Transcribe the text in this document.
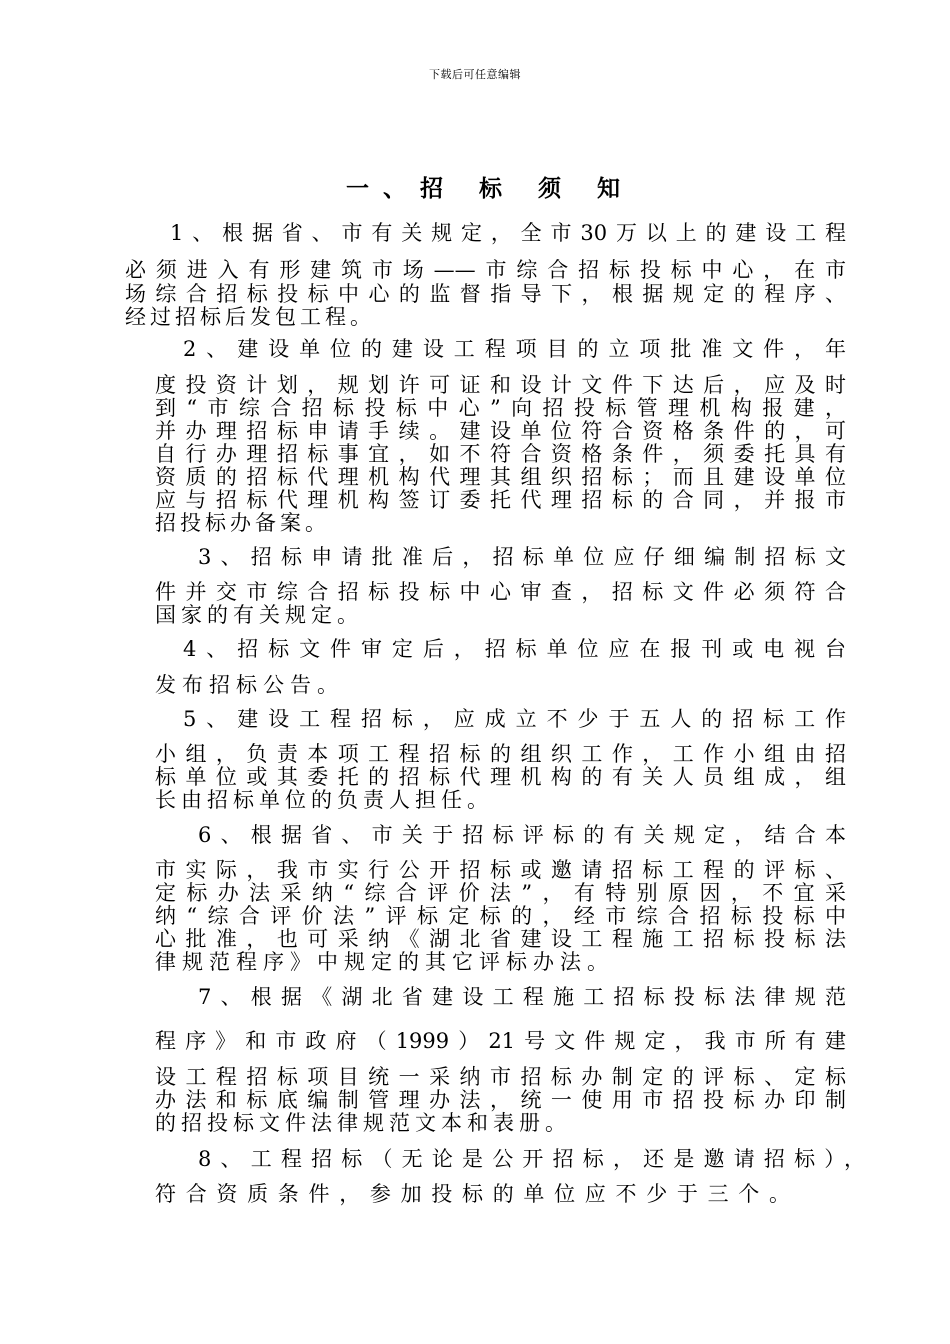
下载后可任意编辑
一、招 标 须 知
1、根据省、市有关规定，全市30万以上的建设工程
必须进入有形建筑市场——市综合招标投标中心，在市
场综合招标投标中心的监督指导下，根据规定的程序、
经过招标后发包工程。
2、建设单位的建设工程项目的立项批准文件，年
度投资计划，规划许可证和设计文件下达后，应及时
到“市综合招标投标中心”向招投标管理机构报建，
并办理招标申请手续。建设单位符合资格条件的，可
自行办理招标事宜，如不符合资格条件，须委托具有
资质的招标代理机构代理其组织招标；而且建设单位
应与招标代理机构签订委托代理招标的合同，并报市
招投标办备案。
3、招标申请批准后，招标单位应仔细编制招标文
件并交市综合招标投标中心审查，招标文件必须符合
国家的有关规定。
4、招标文件审定后，招标单位应在报刊或电视台
发布招标公告。
5、建设工程招标，应成立不少于五人的招标工作
小组，负责本项工程招标的组织工作，工作小组由招
标单位或其委托的招标代理机构的有关人员组成，组
长由招标单位的负责人担任。
6、根据省、市关于招标评标的有关规定，结合本
市实际，我市实行公开招标或邀请招标工程的评标、
定标办法采纳“综合评价法”，有特别原因，不宜采
纳“综合评价法”评标定标的，经市综合招标投标中
心批准，也可采纳《湖北省建设工程施工招标投标法
律规范程序》中规定的其它评标办法。
7、根据《湖北省建设工程施工招标投标法律规范
程序》和市政府（1999）21号文件规定，我市所有建
设工程招标项目统一采纳市招标办制定的评标、定标
办法和标底编制管理办法，统一使用市招投标办印制
的招投标文件法律规范文本和表册。
8、工程招标（无论是公开招标，还是邀请招标），
符合资质条件，参加投标的单位应不少于三个。
